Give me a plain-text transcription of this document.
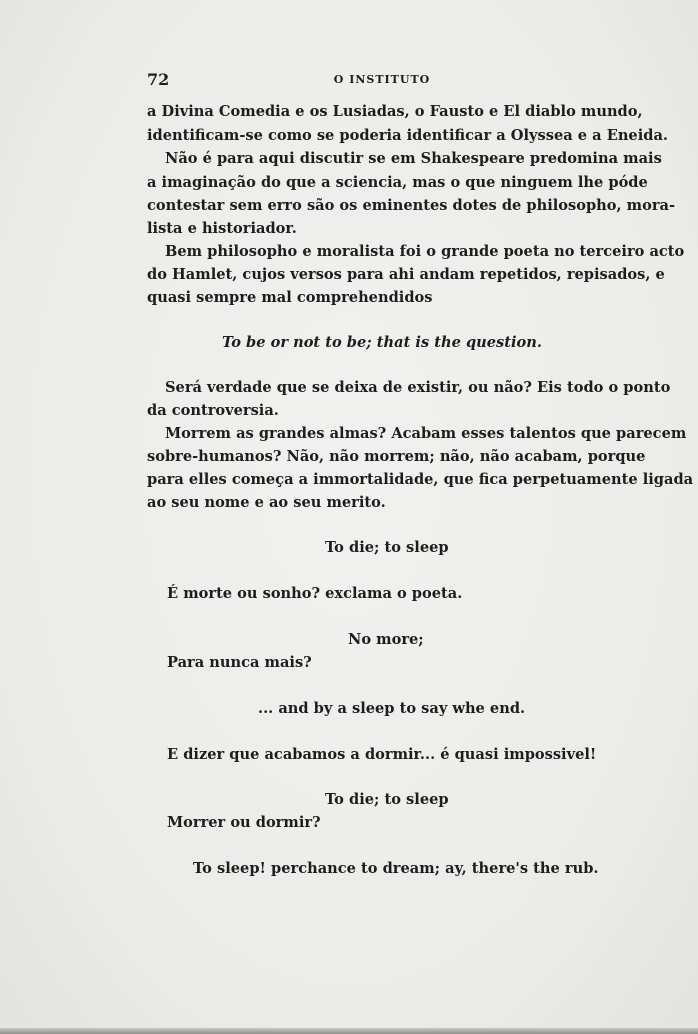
72	O INSTITUTO
a Divina Comedia e os Lusiadas, o Fausto e El diablo mundo,
identificam-se como se poderia identificar a Olyssea e a Eneida.
Não é para aqui discutir se em Shakespeare predomina mais
a imaginação do que a sciencia, mas o que ninguem lhe póde
contestar sem erro são os eminentes dotes de philosopho, mora-
lista e historiador.
Bem philosopho e moralista foi o grande poeta no terceiro acto
do Hamlet, cujos versos para ahi andam repetidos, repisados, e
quasi sempre mal comprehendidos
To be or not to be; that is the question.
Será verdade que se deixa de existir, ou não? Eis todo o ponto
da controversia.
Morrem as grandes almas? Acabam esses talentos que parecem
sobre-humanos? Não, não morrem; não, não acabam, porque
para elles começa a immortalidade, que fica perpetuamente ligada
ao seu nome e ao seu merito.
To die; to sleep
É morte ou sonho? exclama o poeta.
No more;
Para nunca mais?
... and by a sleep to say whe end.
E dizer que acabamos a dormir... é quasi impossivel!
To die; to sleep
Morrer ou dormir?
To sleep! perchance to dream; ay, there's the rub.
